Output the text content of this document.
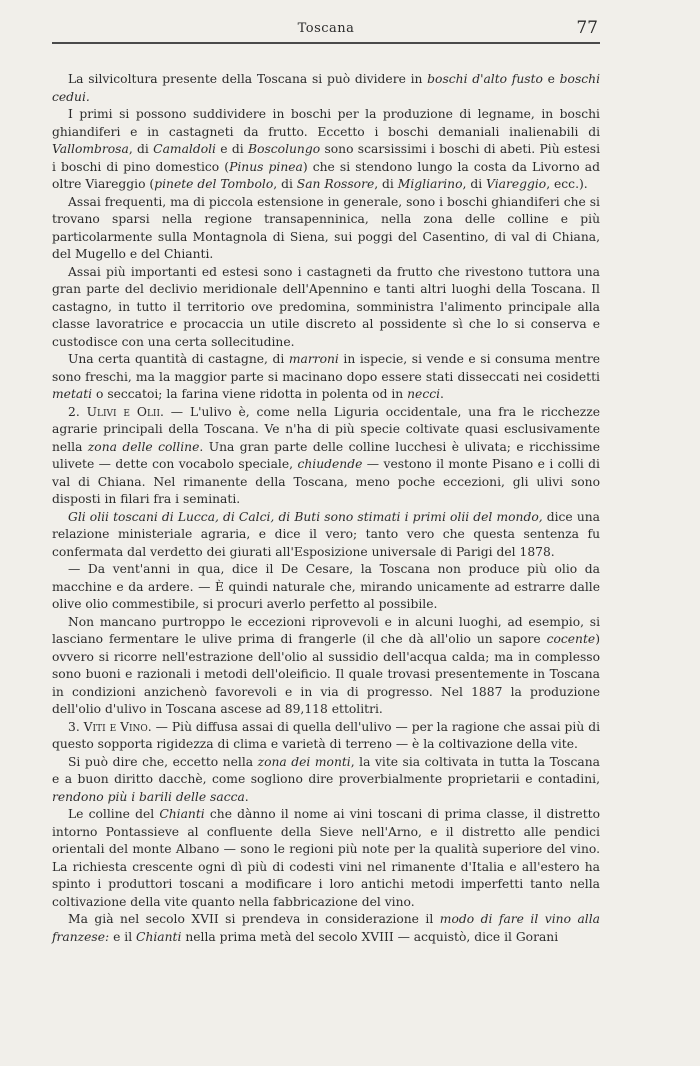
Toscana	77

La silvicoltura presente della Toscana si può dividere in boschi d'alto fusto e boschi cedui.

I primi si possono suddividere in boschi per la produzione di legname, in boschi ghiandiferi e in castagneti da frutto. Eccetto i boschi demaniali inalienabili di Vallombrosa, di Camaldoli e di Boscolungo sono scarsissimi i boschi di abeti. Più estesi i boschi di pino domestico (Pinus pinea) che si stendono lungo la costa da Livorno ad oltre Viareggio (pinete del Tombolo, di San Rossore, di Migliarino, di Viareggio, ecc.).

Assai frequenti, ma di piccola estensione in generale, sono i boschi ghiandiferi che si trovano sparsi nella regione transapenninica, nella zona delle colline e più particolarmente sulla Montagnola di Siena, sui poggi del Casentino, di val di Chiana, del Mugello e del Chianti.

Assai più importanti ed estesi sono i castagneti da frutto che rivestono tuttora una gran parte del declivio meridionale dell'Apennino e tanti altri luoghi della Toscana. Il castagno, in tutto il territorio ove predomina, somministra l'alimento principale alla classe lavoratrice e procaccia un utile discreto al possidente sì che lo si conserva e custodisce con una certa sollecitudine.

Una certa quantità di castagne, di marroni in ispecie, si vende e si consuma mentre sono freschi, ma la maggior parte si macinano dopo essere stati disseccati nei cosidetti metati o seccatoi; la farina viene ridotta in polenta od in necci.

2. Ulivi e Olii. — L'ulivo è, come nella Liguria occidentale, una fra le ricchezze agrarie principali della Toscana. Ve n'ha di più specie coltivate quasi esclusivamente nella zona delle colline. Una gran parte delle colline lucchesi è ulivata; e ricchissime ulivete — dette con vocabolo speciale, chiudende — vestono il monte Pisano e i colli di val di Chiana. Nel rimanente della Toscana, meno poche eccezioni, gli ulivi sono disposti in filari fra i seminati.

Gli olii toscani di Lucca, di Calci, di Buti sono stimati i primi olii del mondo, dice una relazione ministeriale agraria, e dice il vero; tanto vero che questa sentenza fu confermata dal verdetto dei giurati all'Esposizione universale di Parigi del 1878.

— Da vent'anni in qua, dice il De Cesare, la Toscana non produce più olio da macchine e da ardere. — È quindi naturale che, mirando unicamente ad estrarre dalle olive olio commestibile, si procuri averlo perfetto al possibile.

Non mancano purtroppo le eccezioni riprovevoli e in alcuni luoghi, ad esempio, si lasciano fermentare le ulive prima di frangerle (il che dà all'olio un sapore cocente) ovvero si ricorre nell'estrazione dell'olio al sussidio dell'acqua calda; ma in complesso sono buoni e razionali i metodi dell'oleificio. Il quale trovasi presentemente in Toscana in condizioni anzichenò favorevoli e in via di progresso. Nel 1887 la produzione dell'olio d'ulivo in Toscana ascese ad 89,118 ettolitri.

3. Viti e Vino. — Più diffusa assai di quella dell'ulivo — per la ragione che assai più di questo sopporta rigidezza di clima e varietà di terreno — è la coltivazione della vite.

Si può dire che, eccetto nella zona dei monti, la vite sia coltivata in tutta la Toscana e a buon diritto dacchè, come sogliono dire proverbialmente proprietarii e contadini, rendono più i barili delle sacca.

Le colline del Chianti che dànno il nome ai vini toscani di prima classe, il distretto intorno Pontassieve al confluente della Sieve nell'Arno, e il distretto alle pendici orientali del monte Albano — sono le regioni più note per la qualità superiore del vino. La richiesta crescente ogni dì più di codesti vini nel rimanente d'Italia e all'estero ha spinto i produttori toscani a modificare i loro antichi metodi imperfetti tanto nella coltivazione della vite quanto nella fabbricazione del vino.

Ma già nel secolo XVII si prendeva in considerazione il modo di fare il vino alla franzese: e il Chianti nella prima metà del secolo XVIII — acquistò, dice il Gorani
